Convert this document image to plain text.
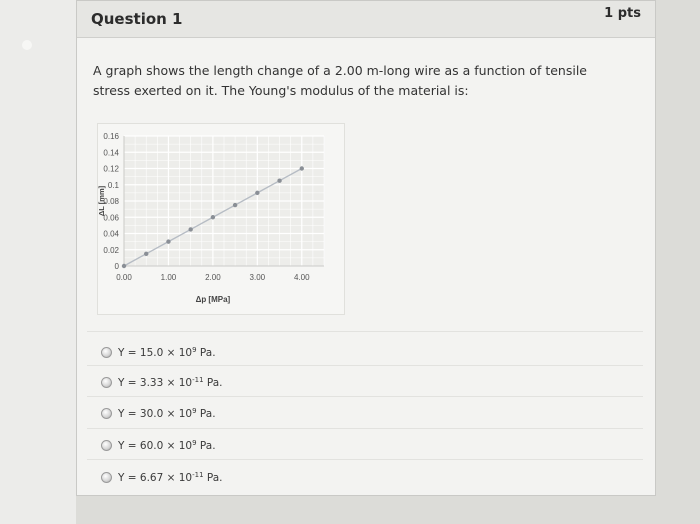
Question 1	1 pts
A graph shows the length change of a 2.00 m-long wire as a function of tensile stress exerted on it. The Young's modulus of the material is:
0
0.02
0.04
0.06
0.08
0.1
0.12
0.14
0.16
0.00	1.00	2.00	3.00	4.00
Δp [MPa]
ΔL [mm]
$Y = 15.0 \times 10^9$ Pa.
$Y = 3.33 \times 10^{-11}$ Pa.
$Y = 30.0 \times 10^9$ Pa.
$Y = 60.0 \times 10^9$ Pa.
$Y = 6.67 \times 10^{-11}$ Pa.
